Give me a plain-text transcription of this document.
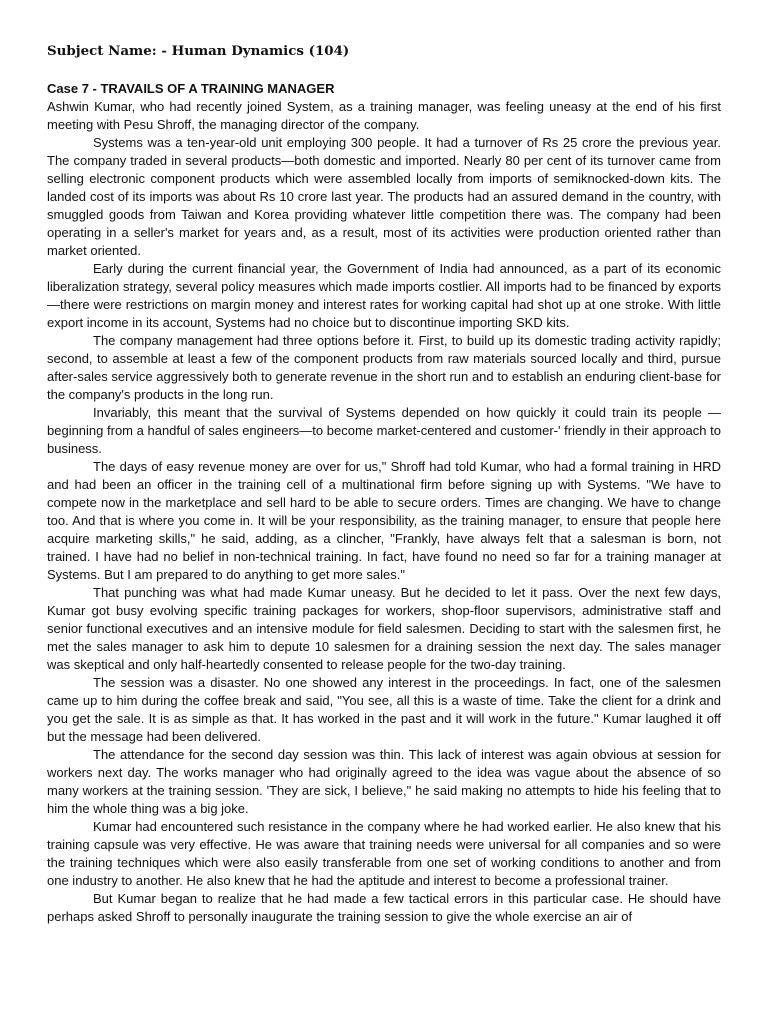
Subject Name: - Human Dynamics (104)

Case 7 - TRAVAILS OF A TRAINING MANAGER

Ashwin Kumar, who had recently joined System, as a training manager, was feeling uneasy at the end of his first meeting with Pesu Shroff, the managing director of the company.

Systems was a ten-year-old unit employing 300 people. It had a turnover of Rs 25 crore the previous year. The company traded in several products—both domestic and imported. Nearly 80 per cent of its turnover came from selling electronic component products which were assembled locally from imports of semiknocked-down kits. The landed cost of its imports was about Rs 10 crore last year. The products had an assured demand in the country, with smuggled goods from Taiwan and Korea providing whatever little competition there was. The company had been operating in a seller's market for years and, as a result, most of its activities were production oriented rather than market oriented.

Early during the current financial year, the Government of India had announced, as a part of its economic liberalization strategy, several policy measures which made imports costlier. All imports had to be financed by exports—there were restrictions on margin money and interest rates for working capital had shot up at one stroke. With little export income in its account, Systems had no choice but to discontinue importing SKD kits.

The company management had three options before it. First, to build up its domestic trading activity rapidly; second, to assemble at least a few of the component products from raw materials sourced locally and third, pursue after-sales service aggressively both to generate revenue in the short run and to establish an enduring client-base for the company's products in the long run.

Invariably, this meant that the survival of Systems depended on how quickly it could train its people —beginning from a handful of sales engineers—to become market-centered and customer-' friendly in their approach to business.

The days of easy revenue money are over for us," Shroff had told Kumar, who had a formal training in HRD and had been an officer in the training cell of a multinational firm before signing up with Systems. "We have to compete now in the marketplace and sell hard to be able to secure orders. Times are changing. We have to change too. And that is where you come in. It will be your responsibility, as the training manager, to ensure that people here acquire marketing skills," he said, adding, as a clincher, "Frankly, have always felt that a salesman is born, not trained. I have had no belief in non-technical training. In fact, have found no need so far for a training manager at Systems. But I am prepared to do anything to get more sales."

That punching was what had made Kumar uneasy. But he decided to let it pass. Over the next few days, Kumar got busy evolving specific training packages for workers, shop-floor supervisors, administrative staff and senior functional executives and an intensive module for field salesmen. Deciding to start with the salesmen first, he met the sales manager to ask him to depute 10 salesmen for a draining session the next day. The sales manager was skeptical and only half-heartedly consented to release people for the two-day training.

The session was a disaster. No one showed any interest in the proceedings. In fact, one of the salesmen came up to him during the coffee break and said, "You see, all this is a waste of time. Take the client for a drink and you get the sale. It is as simple as that. It has worked in the past and it will work in the future." Kumar laughed it off but the message had been delivered.

The attendance for the second day session was thin. This lack of interest was again obvious at session for workers next day. The works manager who had originally agreed to the idea was vague about the absence of so many workers at the training session. 'They are sick, I believe," he said making no attempts to hide his feeling that to him the whole thing was a big joke.

Kumar had encountered such resistance in the company where he had worked earlier. He also knew that his training capsule was very effective. He was aware that training needs were universal for all companies and so were the training techniques which were also easily transferable from one set of working conditions to another and from one industry to another. He also knew that he had the aptitude and interest to become a professional trainer.

But Kumar began to realize that he had made a few tactical errors in this particular case. He should have perhaps asked Shroff to personally inaugurate the training session to give the whole exercise an air of
